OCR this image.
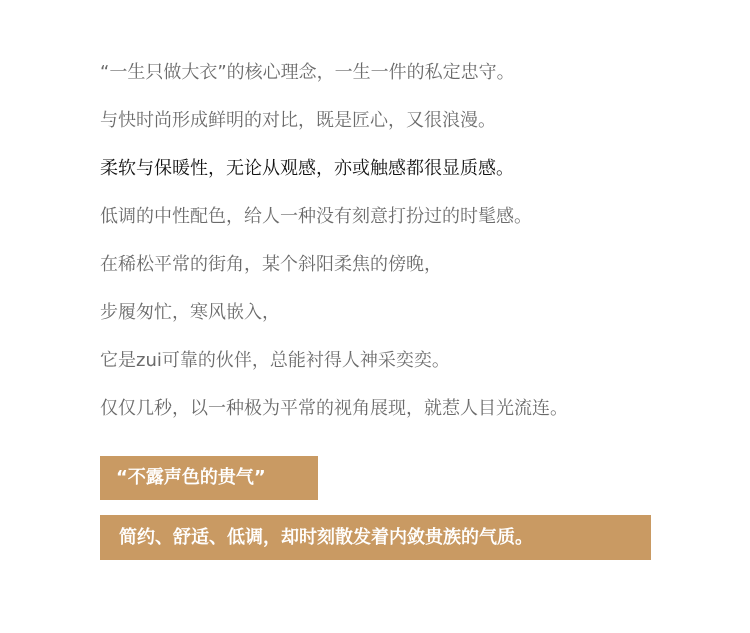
“一生只做大衣”的核心理念，一生一件的私定忠守。

与快时尚形成鲜明的对比，既是匠心，又很浪漫。

柔软与保暖性，无论从观感，亦或触感都很显质感。

低调的中性配色，给人一种没有刻意打扮过的时髦感。

在稀松平常的街角，某个斜阳柔焦的傍晚，

步履匆忙，寒风嵌入，

它是zui可靠的伙伴，总能衬得人神采奕奕。

仅仅几秒，以一种极为平常的视角展现，就惹人目光流连。

“不露声色的贵气”
简约、舒适、低调，却时刻散发着内敛贵族的气质。
